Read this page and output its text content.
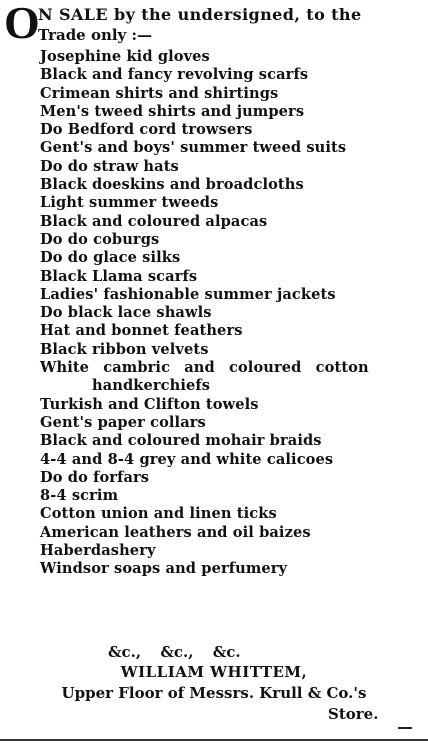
O
N SALE by the undersigned, to the
Trade only :—
Josephine kid gloves
Black and fancy revolving scarfs
Crimean shirts and shirtings
Men's tweed shirts and jumpers
Do Bedford cord trowsers
Gent's and boys' summer tweed suits
Do do straw hats
Black doeskins and broadcloths
Light summer tweeds
Black and coloured alpacas
Do do coburgs
Do do glace silks
Black Llama scarfs
Ladies' fashionable summer jackets
Do black lace shawls
Hat and bonnet feathers
Black ribbon velvets
White cambric and coloured cotton
handkerchiefs
Turkish and Clifton towels
Gent's paper collars
Black and coloured mohair braids
4-4 and 8-4 grey and white calicoes
Do do forfars
8-4 scrim
Cotton union and linen ticks
American leathers and oil baizes
Haberdashery
Windsor soaps and perfumery
&c., &c., &c.
WILLIAM WHITTEM,
Upper Floor of Messrs. Krull & Co.'s
Store.
